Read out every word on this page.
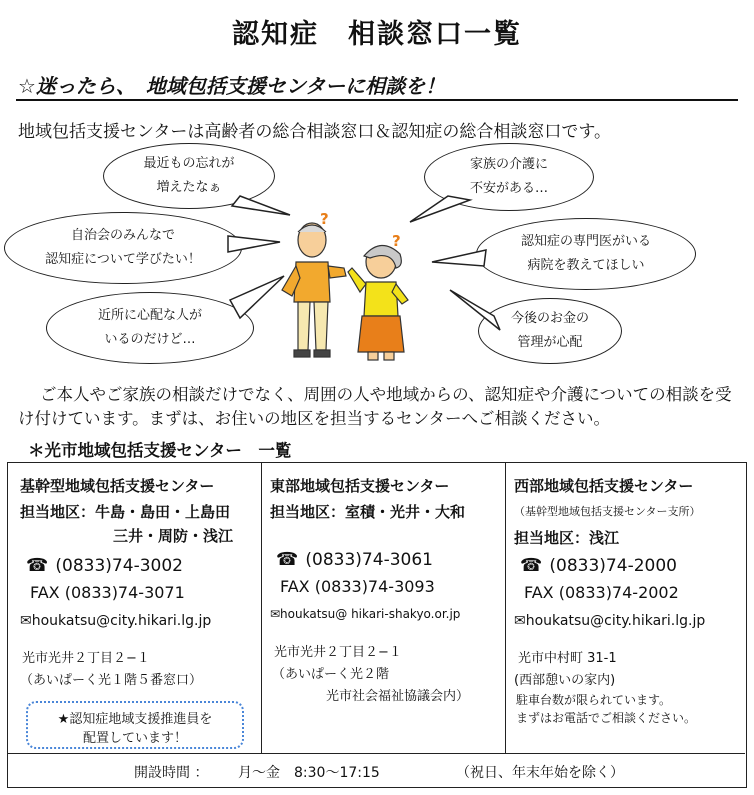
認知症　相談窓口一覧
☆迷ったら、　地域包括支援センターに相談を！
地域包括支援センターは高齢者の総合相談窓口＆認知症の総合相談窓口です。
最近もの忘れが
増えたなぁ
自治会のみんなで
認知症について学びたい！
近所に心配な人が
いるのだけど…
家族の介護に
不安がある…
認知症の専門医がいる
病院を教えてほしい
今後のお金の
管理が心配
?
?
ご本人やご家族の相談だけでなく、周囲の人や地域からの、認知症や介護についての相談を受け付けています。まずは、お住いの地区を担当するセンターへご相談ください。
＊光市地域包括支援センター　一覧
基幹型地域包括支援センター
担当地区：牛島・島田・上島田
三井・周防・浅江
☎ (0833)74-3002
FAX (0833)74-3071
✉houkatsu@city.hikari.lg.jp
光市光井２丁目２−１
（あいぱーく光１階５番窓口）
★認知症地域支援推進員を
配置しています！
東部地域包括支援センター
担当地区：室積・光井・大和
☎ (0833)74-3061
FAX (0833)74-3093
✉houkatsu@ hikari-shakyo.or.jp
光市光井２丁目２−１
（あいぱーく光２階
光市社会福祉協議会内）
西部地域包括支援センター
（基幹型地域包括支援センター支所）
担当地区：浅江
☎ (0833)74-2000
FAX (0833)74-2002
✉houkatsu@city.hikari.lg.jp
光市中村町 31-1
(西部憩いの家内)
駐車台数が限られています。
まずはお電話でご相談ください。
開設時間 ： 月～金　8:30～17:15	（祝日、年末年始を除く）
